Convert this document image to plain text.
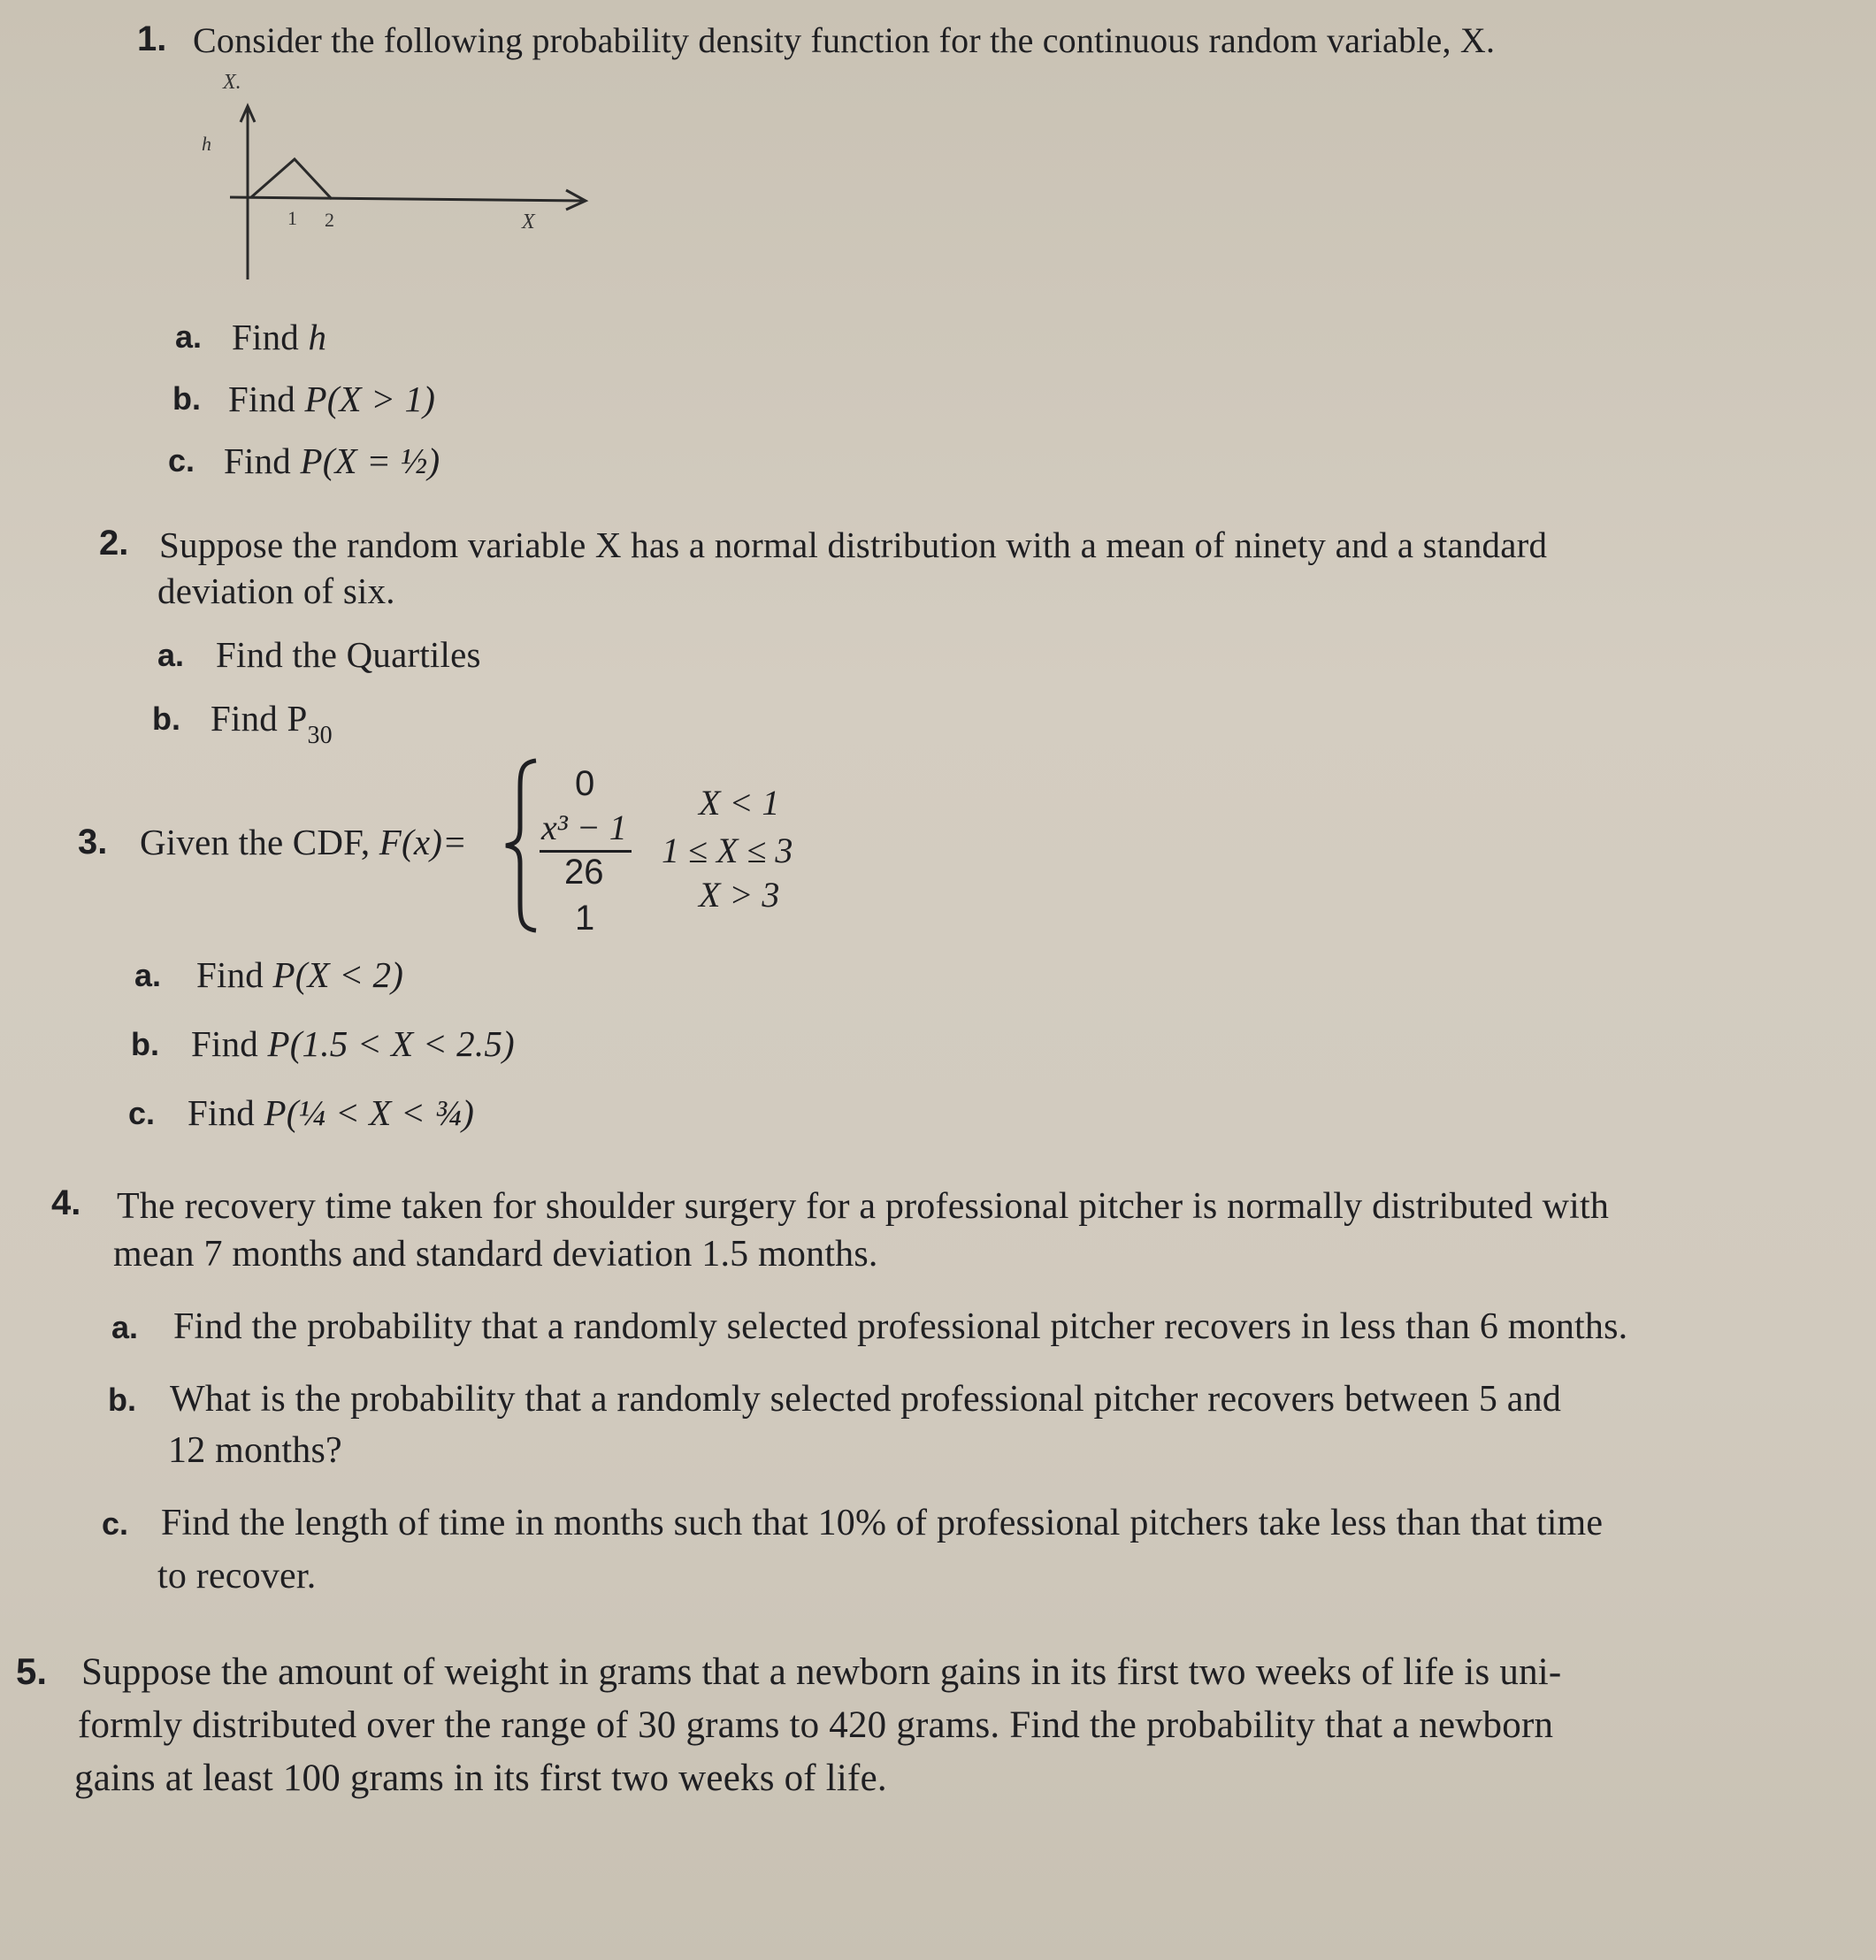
1. Consider the following probability density function for the continuous random variable, X.
X.
h
1 2	X
a. Find h
b. Find P(X > 1)
c. Find P(X = ½)
2. Suppose the random variable X has a normal distribution with a mean of ninety and a standard
deviation of six.
a. Find the Quartiles
b. Find $P_{30}$
3. Given the CDF, F(x)=
0
x³ − 1
26
1
X < 1
1 ≤ X ≤ 3
X > 3
a. Find P(X < 2)
b. Find P(1.5 < X < 2.5)
c. Find P(¼ < X < ¾)
4. The recovery time taken for shoulder surgery for a professional pitcher is normally distributed with
mean 7 months and standard deviation 1.5 months.
a. Find the probability that a randomly selected professional pitcher recovers in less than 6 months.
b. What is the probability that a randomly selected professional pitcher recovers between 5 and
12 months?
c. Find the length of time in months such that 10% of professional pitchers take less than that time
to recover.
5. Suppose the amount of weight in grams that a newborn gains in its first two weeks of life is uni-
formly distributed over the range of 30 grams to 420 grams. Find the probability that a newborn
gains at least 100 grams in its first two weeks of life.
